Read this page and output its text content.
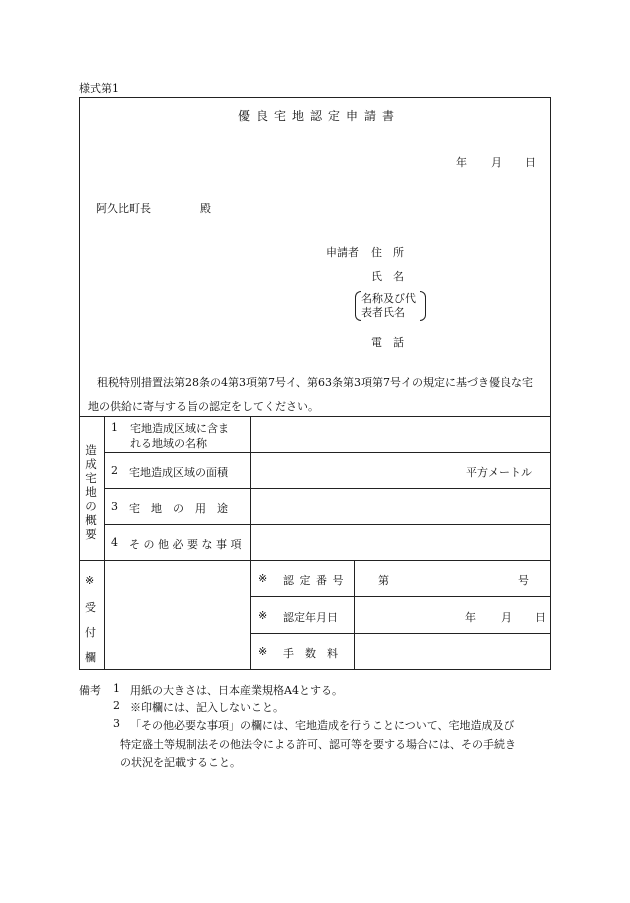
様式第1
優良宅地認定申請書
年 月 日
阿久比町長	殿
申請者 住　所
氏　名
名称及び代
表者氏名
電　話
租税特別措置法第28条の4第3項第7号イ、第63条第3項第7号イの規定に基づき優良な宅
地の供給に寄与する旨の認定をしてください。
造
成
宅
地
の
概
要
1 宅地造成区域に含ま
れる地域の名称
2 宅地造成区域の面積	平方メートル
3 宅　地　の　用　途
4 そ の 他 必 要 な 事 項
※
受
付
欄
※ 認 定 番 号	第	号
※ 認定年月日	年 月 日
※ 手　数　料
備考 1 用紙の大きさは、日本産業規格A4とする。
2 ※印欄には、記入しないこと。
3 「その他必要な事項」の欄には、宅地造成を行うことについて、宅地造成及び
特定盛土等規制法その他法令による許可、認可等を要する場合には、その手続き
の状況を記載すること。
